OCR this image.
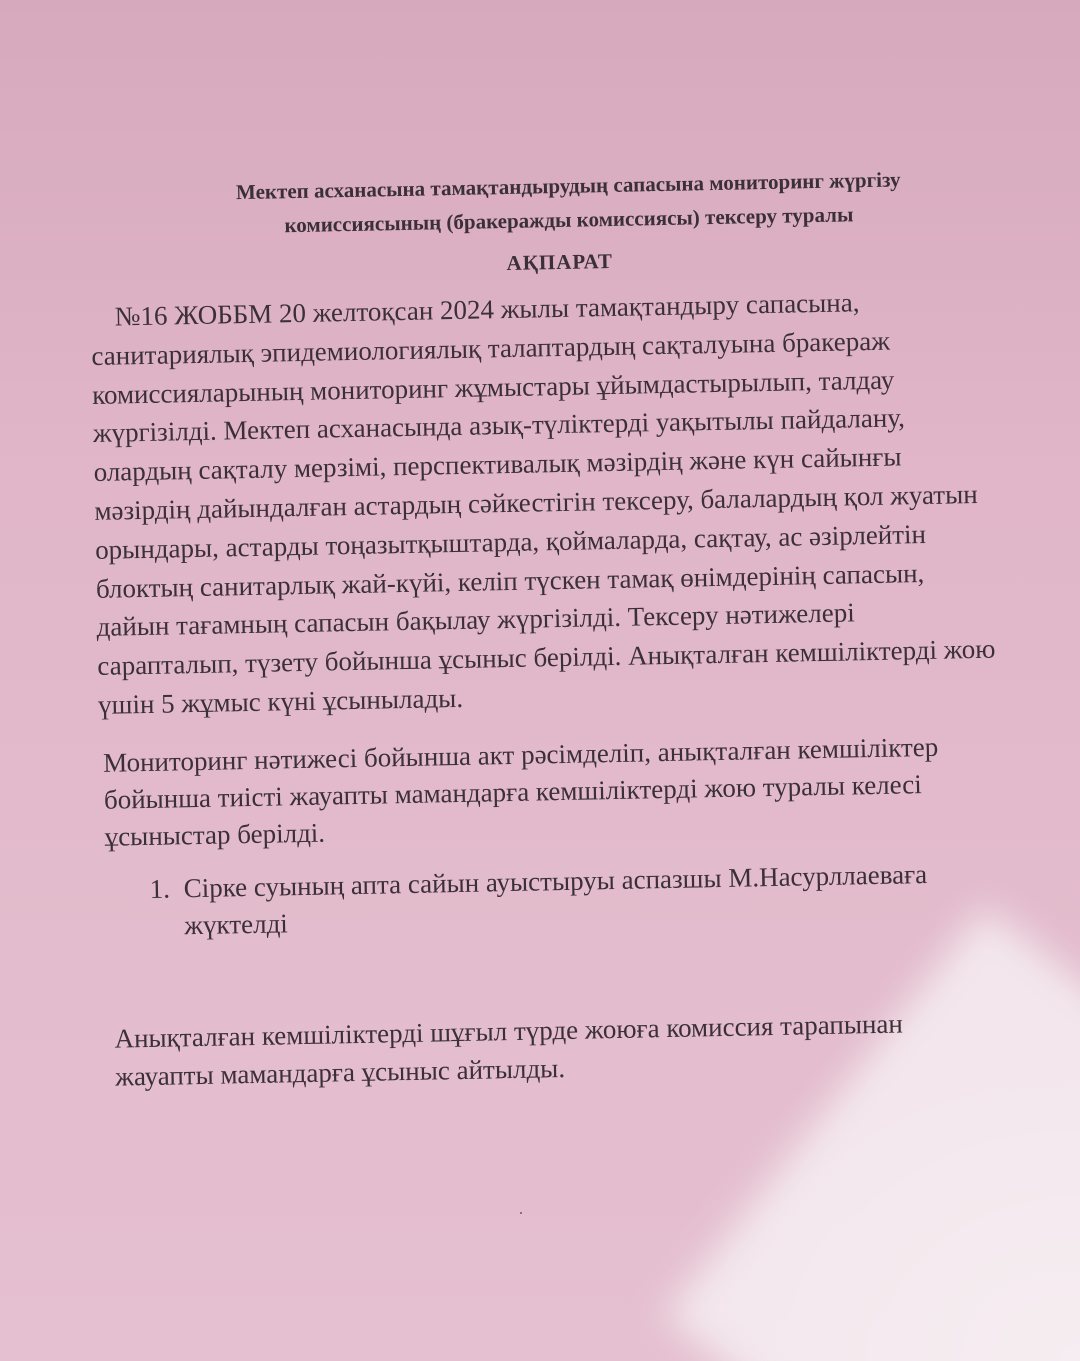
Мектеп асханасына тамақтандырудың сапасына мониторинг жүргізу
комиссиясының (бракеражды комиссиясы) тексеру туралы
АҚПАРАТ

№16 ЖОББМ 20 желтоқсан 2024 жылы тамақтандыру сапасына, санитариялық эпидемиологиялық талаптардың сақталуына бракераж комиссияларының мониторинг жұмыстары ұйымдастырылып, талдау жүргізілді. Мектеп асханасында азық-түліктерді уақытылы пайдалану, олардың сақталу мерзімі, перспективалық мәзірдің және күн сайынғы мәзірдің дайындалған астардың сәйкестігін тексеру, балалардың қол жуатын орындары, астарды тоңазытқыштарда, қоймаларда, сақтау, ас әзірлейтін блоктың санитарлық жай-күйі, келіп түскен тамақ өнімдерінің сапасын, дайын тағамның сапасын бақылау жүргізілді. Тексеру нәтижелері сарапталып, түзету бойынша ұсыныс берілді. Анықталған кемшіліктерді жою үшін 5 жұмыс күні ұсынылады.

Мониторинг нәтижесі бойынша акт рәсімделіп, анықталған кемшіліктер бойынша тиісті жауапты мамандарға кемшіліктерді жою туралы келесі ұсыныстар берілді.

1. Сірке суының апта сайын ауыстыруы аспазшы М.Насурллаеваға жүктелді

Анықталған кемшіліктерді шұғыл түрде жоюға комиссия тарапынан жауапты мамандарға ұсыныс айтылды.
